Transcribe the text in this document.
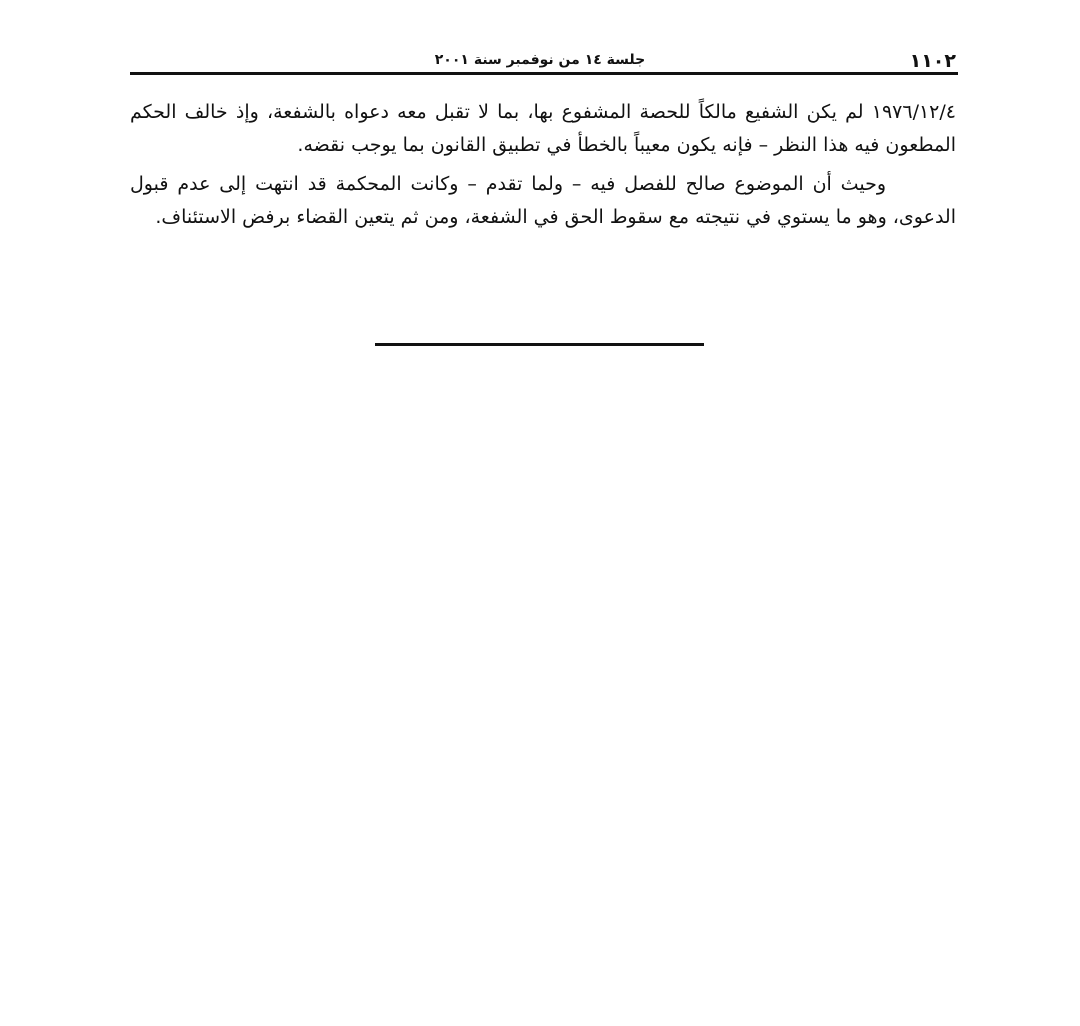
١١٠٢
جلسة ١٤ من نوفمبر سنة ٢٠٠١

١٩٧٦/١٢/٤ لم يكن الشفيع مالكاً للحصة المشفوع بها، بما لا تقبل معه دعواه بالشفعة، وإذ خالف الحكم المطعون فيه هذا النظر – فإنه يكون معيباً بالخطأ في تطبيق القانون بما يوجب نقضه.

وحيث أن الموضوع صالح للفصل فيه – ولما تقدم – وكانت المحكمة قد انتهت إلى عدم قبول الدعوى، وهو ما يستوي في نتيجته مع سقوط الحق في الشفعة، ومن ثم يتعين القضاء برفض الاستئناف.
